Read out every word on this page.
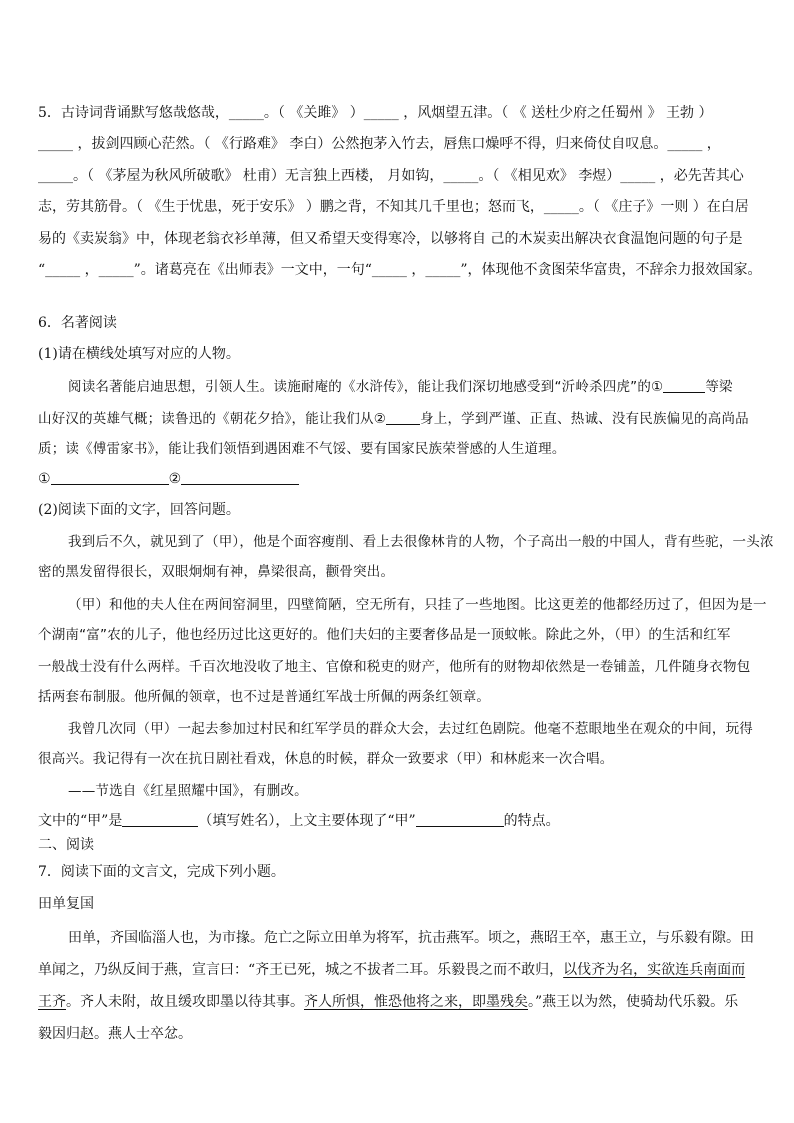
5．古诗词背诵默写悠哉悠哉，_____。（ 《关雎》 ）_____ ，风烟望五津。（ 《 送杜少府之任蜀州 》 王勃 ）
_____ ，拔剑四顾心茫然。（ 《行路难》 李白）公然抱茅入竹去，唇焦口燥呼不得，归来倚仗自叹息。_____ ，
_____。（ 《茅屋为秋风所破歌》 杜甫）无言独上西楼， 月如钩，_____。（ 《相见欢》 李煜）_____ ，必先苦其心
志，劳其筋骨。（ 《生于忧患，死于安乐》 ）鹏之背，不知其几千里也；怒而飞，_____。（ 《庄子》一则 ）在白居
易的《卖炭翁》中，体现老翁衣衫单薄，但又希望天变得寒冷，以够将自 己的木炭卖出解决衣食温饱问题的句子是
“_____ ，_____”。诸葛亮在《出师表》一文中，一句“_____ ，_____”，体现他不贪图荣华富贵，不辞余力报效国家。
6．名著阅读
(1)请在横线处填写对应的人物。
阅读名著能启迪思想，引领人生。读施耐庵的《水浒传》，能让我们深切地感受到“沂岭杀四虎”的①	等梁
山好汉的英雄气概；读鲁迅的《朝花夕拾》，能让我们从②	身上，学到严谨、正直、热诚、没有民族偏见的高尚品
质；读《傅雷家书》，能让我们领悟到遇困难不气馁、要有国家民族荣誉感的人生道理。
①	②
(2)阅读下面的文字，回答问题。
我到后不久，就见到了（甲），他是个面容瘦削、看上去很像林肯的人物，个子高出一般的中国人，背有些驼，一头浓
密的黑发留得很长，双眼炯炯有神，鼻梁很高，颧骨突出。
（甲）和他的夫人住在两间窑洞里，四壁简陋，空无所有，只挂了一些地图。比这更差的他都经历过了，但因为是一
个湖南“富”农的儿子，他也经历过比这更好的。他们夫妇的主要奢侈品是一顶蚊帐。除此之外，（甲）的生活和红军
一般战士没有什么两样。千百次地没收了地主、官僚和税吏的财产，他所有的财物却依然是一卷铺盖，几件随身衣物包
括两套布制服。他所佩的领章，也不过是普通红军战士所佩的两条红领章。
我曾几次同（甲）一起去参加过村民和红军学员的群众大会，去过红色剧院。他毫不惹眼地坐在观众的中间，玩得
很高兴。我记得有一次在抗日剧社看戏，休息的时候，群众一致要求（甲）和林彪来一次合唱。
——节选自《红星照耀中国》，有删改。
文中的“甲”是	（填写姓名），上文主要体现了“甲”	的特点。
二、阅读
7．阅读下面的文言文，完成下列小题。
田单复国
田单，齐国临淄人也，为市掾。危亡之际立田单为将军，抗击燕军。顷之，燕昭王卒，惠王立，与乐毅有隙。田
单闻之，乃纵反间于燕，宣言曰：“齐王已死，城之不拔者二耳。乐毅畏之而不敢归，以伐齐为名，实欲连兵南面而
王齐。齐人未附，故且缓攻即墨以待其事。齐人所惧，惟恐他将之来，即墨残矣。”燕王以为然，使骑劫代乐毅。乐
毅因归赵。燕人士卒忿。
